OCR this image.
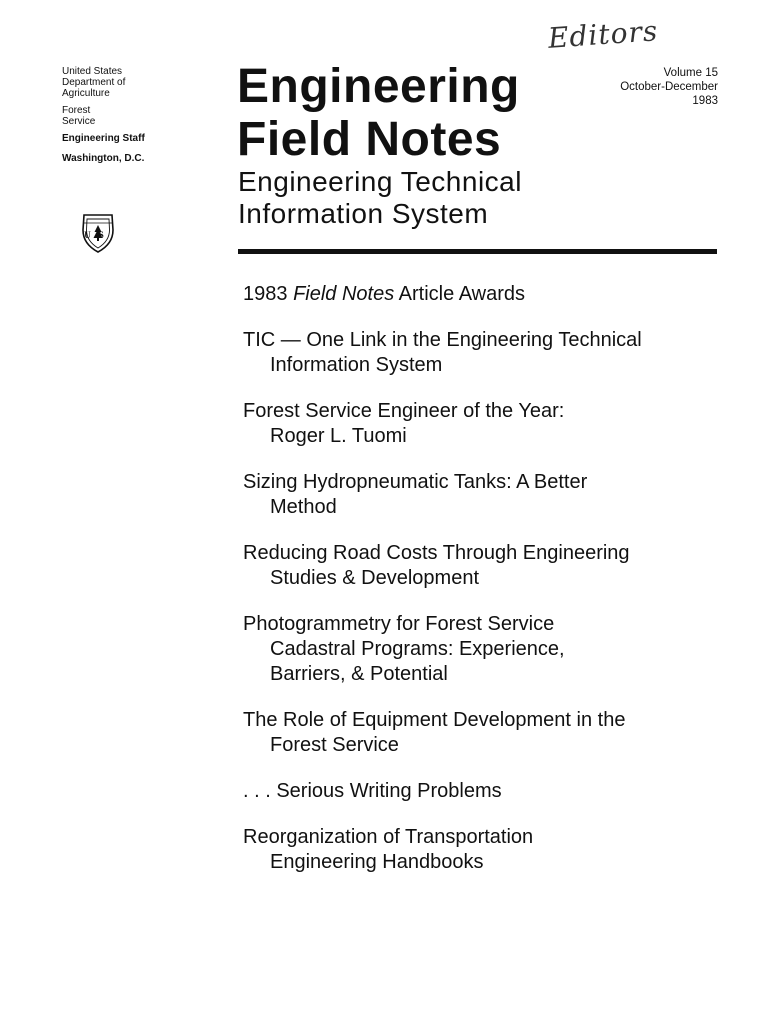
United States
Department of
Agriculture
Forest
Service
Engineering Staff
Washington, D.C.
US
Editors
Volume 15
October-December
1983
Engineering
Field Notes
Engineering Technical
Information System
1983 Field Notes Article Awards
TIC — One Link in the Engineering Technical
Information System
Forest Service Engineer of the Year:
Roger L. Tuomi
Sizing Hydropneumatic Tanks: A Better
Method
Reducing Road Costs Through Engineering
Studies & Development
Photogrammetry for Forest Service
Cadastral Programs: Experience,
Barriers, & Potential
The Role of Equipment Development in the
Forest Service
. . . Serious Writing Problems
Reorganization of Transportation
Engineering Handbooks
